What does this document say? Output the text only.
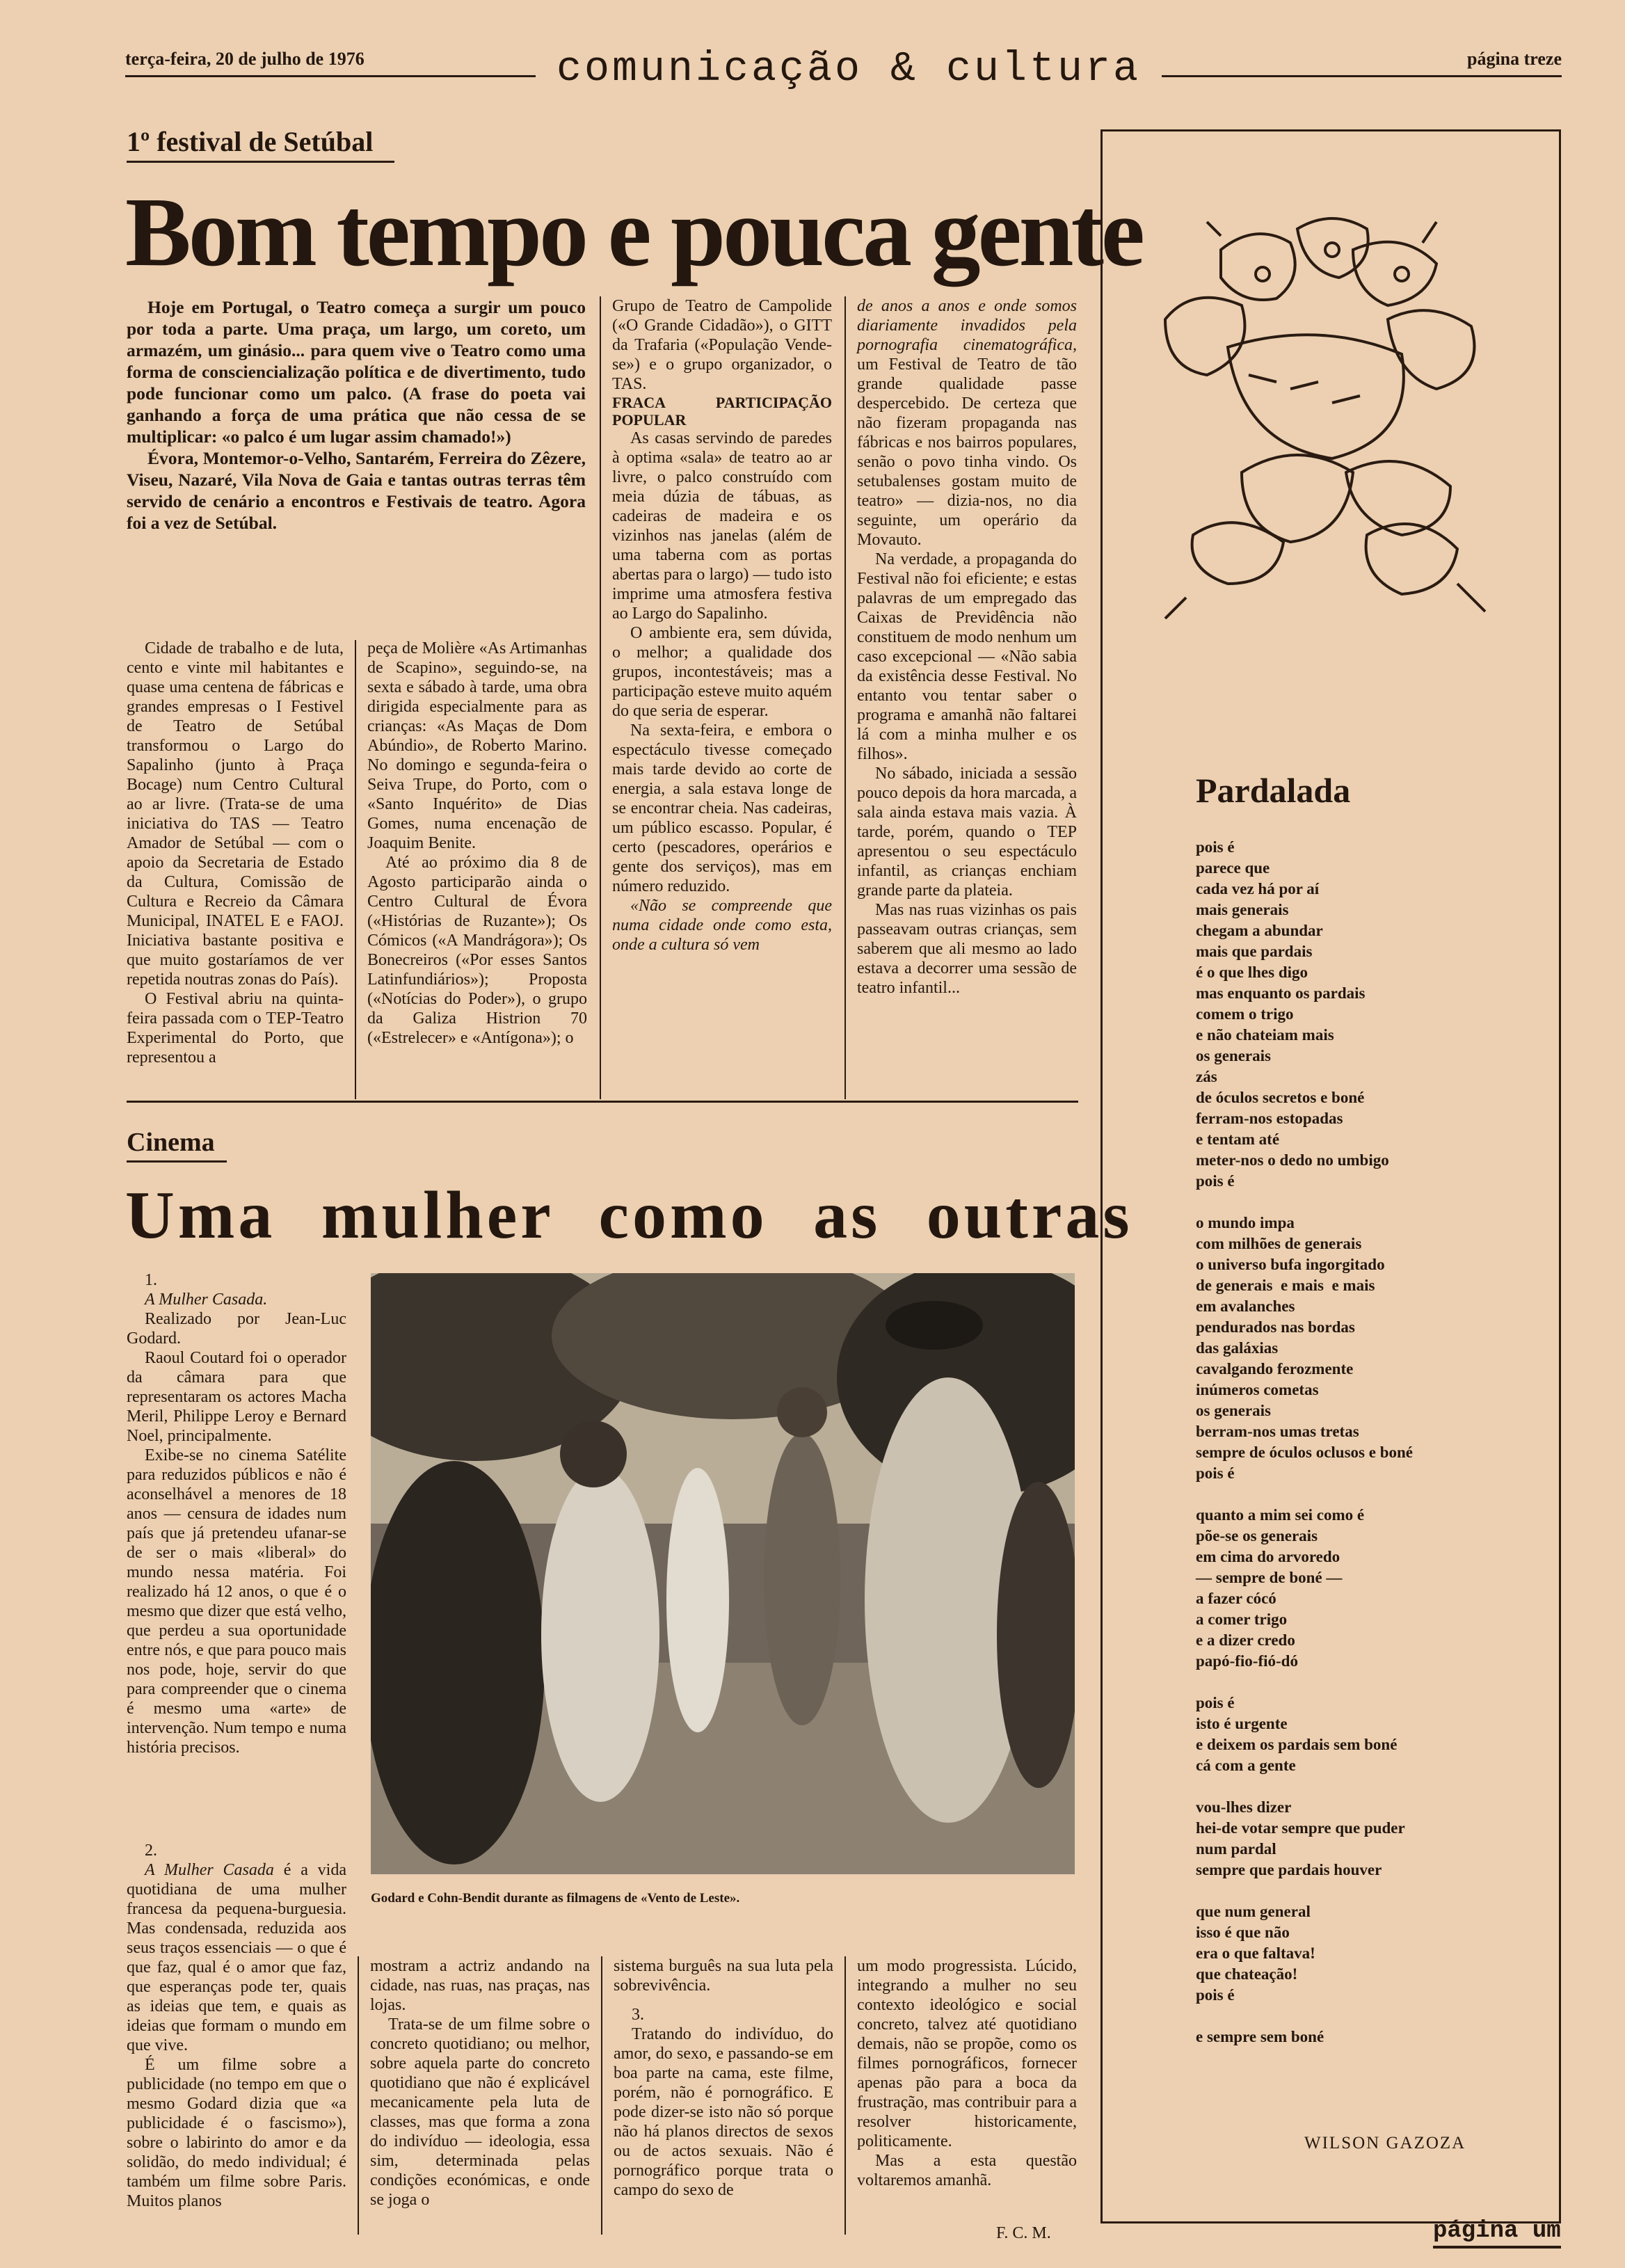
terça-feira, 20 de julho de 1976	comunicação & cultura	página treze
1º festival de Setúbal
Bom tempo e pouca gente

Hoje em Portugal, o Teatro começa a surgir um pouco por toda a parte. Uma praça, um largo, um coreto, um armazém, um ginásio... para quem vive o Teatro como uma forma de consciencialização política e de divertimento, tudo pode funcionar como um palco. (A frase do poeta vai ganhando a força de uma prática que não cessa de se multiplicar: «o palco é um lugar assim chamado!»)

Évora, Montemor-o-Velho, Santarém, Ferreira do Zêzere, Viseu, Nazaré, Vila Nova de Gaia e tantas outras terras têm servido de cenário a encontros e Festivais de teatro. Agora foi a vez de Setúbal.

Cidade de trabalho e de luta, cento e vinte mil habitantes e quase uma centena de fábricas e grandes empresas o I Festivel de Teatro de Setúbal transformou o Largo do Sapalinho (junto à Praça Bocage) num Centro Cultural ao ar livre. (Trata-se de uma iniciativa do TAS — Teatro Amador de Setúbal — com o apoio da Secretaria de Estado da Cultura, Comissão de Cultura e Recreio da Câmara Municipal, INATEL E e FAOJ. Iniciativa bastante positiva e que muito gostaríamos de ver repetida noutras zonas do País).

O Festival abriu na quinta-feira passada com o TEP-Teatro Experimental do Porto, que representou a

peça de Molière «As Artimanhas de Scapino», seguindo-se, na sexta e sábado à tarde, uma obra dirigida especialmente para as crianças: «As Maças de Dom Abúndio», de Roberto Marino. No domingo e segunda-feira o Seiva Trupe, do Porto, com o «Santo Inquérito» de Dias Gomes, numa encenação de Joaquim Benite.

Até ao próximo dia 8 de Agosto participarão ainda o Centro Cultural de Évora («Histórias de Ruzante»); Os Cómicos («A Mandrágora»); Os Bonecreiros («Por esses Santos Latinfundiários»); Proposta («Notícias do Poder»), o grupo da Galiza Histrion 70 («Estrelecer» e «Antígona»); o

Grupo de Teatro de Campolide («O Grande Cidadão»), o GITT da Trafaria («População Vende-se») e o grupo organizador, o TAS.

FRACA PARTICIPAÇÃO POPULAR

As casas servindo de paredes à optima «sala» de teatro ao ar livre, o palco construído com meia dúzia de tábuas, as cadeiras de madeira e os vizinhos nas janelas (além de uma taberna com as portas abertas para o largo) — tudo isto imprime uma atmosfera festiva ao Largo do Sapalinho.

O ambiente era, sem dúvida, o melhor; a qualidade dos grupos, incontestáveis; mas a participação esteve muito aquém do que seria de esperar.

Na sexta-feira, e embora o espectáculo tivesse começado mais tarde devido ao corte de energia, a sala estava longe de se encontrar cheia. Nas cadeiras, um público escasso. Popular, é certo (pescadores, operários e gente dos serviços), mas em número reduzido.

«Não se compreende que numa cidade onde como esta, onde a cultura só vem

de anos a anos e onde somos diariamente invadidos pela pornografia cinematográfica, um Festival de Teatro de tão grande qualidade passe despercebido. De certeza que não fizeram propaganda nas fábricas e nos bairros populares, senão o povo tinha vindo. Os setubalenses gostam muito de teatro» — dizia-nos, no dia seguinte, um operário da Movauto.

Na verdade, a propaganda do Festival não foi eficiente; e estas palavras de um empregado das Caixas de Previdência não constituem de modo nenhum um caso excepcional — «Não sabia da existência desse Festival. No entanto vou tentar saber o programa e amanhã não faltarei lá com a minha mulher e os filhos».

No sábado, iniciada a sessão pouco depois da hora marcada, a sala ainda estava mais vazia. À tarde, porém, quando o TEP apresentou o seu espectáculo infantil, as crianças enchiam grande parte da plateia.

Mas nas ruas vizinhas os pais passeavam outras crianças, sem saberem que ali mesmo ao lado estava a decorrer uma sessão de teatro infantil...

Cinema
Uma mulher como as outras

1.

A Mulher Casada.

Realizado por Jean-Luc Godard.

Raoul Coutard foi o operador da câmara para que representaram os actores Macha Meril, Philippe Leroy e Bernard Noel, principalmente.

Exibe-se no cinema Satélite para reduzidos públicos e não é aconselhável a menores de 18 anos — censura de idades num país que já pretendeu ufanar-se de ser o mais «liberal» do mundo nessa matéria. Foi realizado há 12 anos, o que é o mesmo que dizer que está velho, que perdeu a sua oportunidade entre nós, e que para pouco mais nos pode, hoje, servir do que para compreender que o cinema é mesmo uma «arte» de intervenção. Num tempo e numa história precisos.

Godard e Cohn-Bendit durante as filmagens de «Vento de Leste».

2.

A Mulher Casada é a vida quotidiana de uma mulher francesa da pequena-burguesia. Mas condensada, reduzida aos seus traços essenciais — o que é que faz, qual é o amor que faz, que esperanças pode ter, quais as ideias que tem, e quais as ideias que formam o mundo em que vive.

É um filme sobre a publicidade (no tempo em que o mesmo Godard dizia que «a publicidade é o fascismo»), sobre o labirinto do amor e da solidão, do medo individual; é também um filme sobre Paris. Muitos planos

mostram a actriz andando na cidade, nas ruas, nas praças, nas lojas.

Trata-se de um filme sobre o concreto quotidiano; ou melhor, sobre aquela parte do concreto quotidiano que não é explicável mecanicamente pela luta de classes, mas que forma a zona do indivíduo — ideologia, essa sim, determinada pelas condições económicas, e onde se joga o

sistema burguês na sua luta pela sobrevivência.

3.

Tratando do indivíduo, do amor, do sexo, e passando-se em boa parte na cama, este filme, porém, não é pornográfico. E pode dizer-se isto não só porque não há planos directos de sexos ou de actos sexuais. Não é pornográfico porque trata o campo do sexo de

um modo progressista. Lúcido, integrando a mulher no seu contexto ideológico e social concreto, talvez até quotidiano demais, não se propõe, como os filmes pornográficos, fornecer apenas pão para a boca da frustração, mas contribuir para a resolver historicamente, politicamente.

Mas a esta questão voltaremos amanhã.

F. C. M.
Pardalada
pois é
parece que
cada vez há por aí
mais generais
chegam a abundar
mais que pardais
é o que lhes digo
mas enquanto os pardais
comem o trigo
e não chateiam mais
os generais
zás
de óculos secretos e boné
ferram-nos estopadas
e tentam até
meter-nos o dedo no umbigo
pois é

o mundo impa
com milhões de generais
o universo bufa ingorgitado
de generais  e mais  e mais
em avalanches
pendurados nas bordas
das galáxias
cavalgando ferozmente
inúmeros cometas
os generais
berram-nos umas tretas
sempre de óculos oclusos e boné
pois é

quanto a mim sei como é
põe-se os generais
em cima do arvoredo
— sempre de boné —
a fazer cócó
a comer trigo
e a dizer credo
papó-fio-fió-dó

pois é
isto é urgente
e deixem os pardais sem boné
cá com a gente

vou-lhes dizer
hei-de votar sempre que puder
num pardal
sempre que pardais houver

que num general
isso é que não
era o que faltava!
que chateação!
pois é

e sempre sem boné
WILSON GAZOZA
página um
